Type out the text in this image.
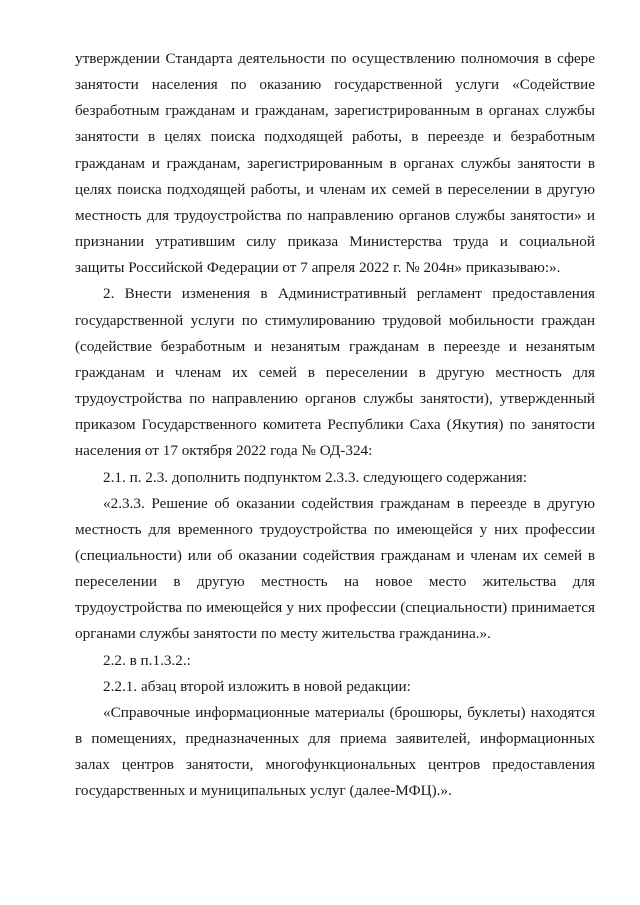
утверждении Стандарта деятельности по осуществлению полномочия в сфере занятости населения по оказанию государственной услуги «Содействие безработным гражданам и гражданам, зарегистрированным в органах службы занятости в целях поиска подходящей работы, в переезде и безработным гражданам и гражданам, зарегистрированным в органах службы занятости в целях поиска подходящей работы, и членам их семей в переселении в другую местность для трудоустройства по направлению органов службы занятости» и признании утратившим силу приказа Министерства труда и социальной защиты Российской Федерации от 7 апреля 2022 г. № 204н» приказываю:».

2. Внести изменения в Административный регламент предоставления государственной услуги по стимулированию трудовой мобильности граждан (содействие безработным и незанятым гражданам в переезде и незанятым гражданам и членам их семей в переселении в другую местность для трудоустройства по направлению органов службы занятости), утвержденный приказом Государственного комитета Республики Саха (Якутия) по занятости населения от 17 октября 2022 года № ОД-324:

2.1. п. 2.3. дополнить подпунктом 2.3.3. следующего содержания:

«2.3.3. Решение об оказании содействия гражданам в переезде в другую местность для временного трудоустройства по имеющейся у них профессии (специальности) или об оказании содействия гражданам и членам их семей в переселении в другую местность на новое место жительства для трудоустройства по имеющейся у них профессии (специальности) принимается органами службы занятости по месту жительства гражданина.».

2.2. в п.1.3.2.:

2.2.1. абзац второй изложить в новой редакции:

«Справочные информационные материалы (брошюры, буклеты) находятся в помещениях, предназначенных для приема заявителей, информационных залах центров занятости, многофункциональных центров предоставления государственных и муниципальных услуг (далее-МФЦ).».
